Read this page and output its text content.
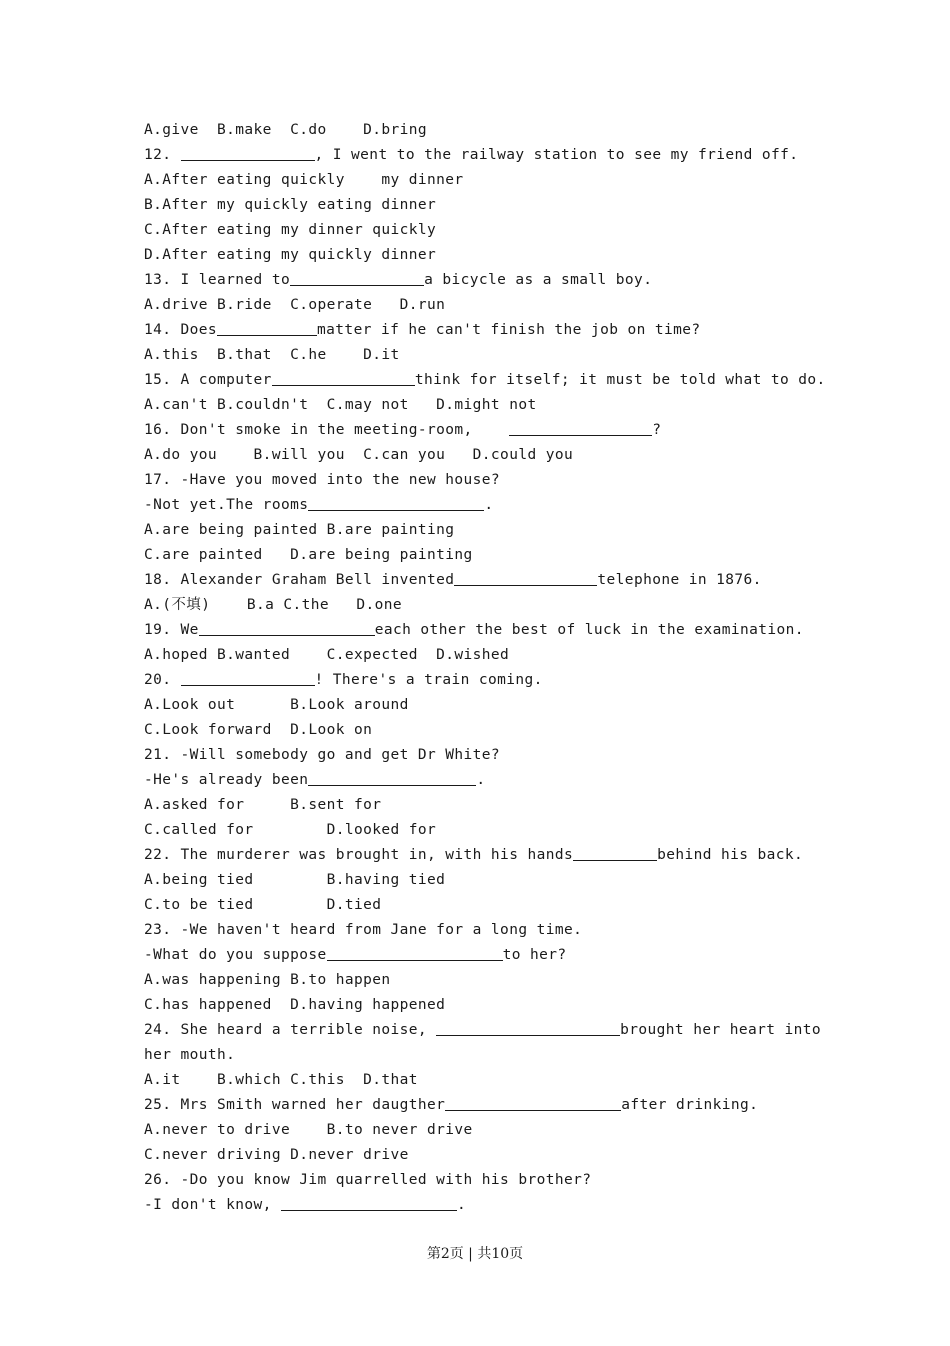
A.give  B.make  C.do    D.bring
12.	, I went to the railway station to see my friend off.
A.After eating quickly    my dinner
B.After my quickly eating dinner
C.After eating my dinner quickly
D.After eating my quickly dinner
13. I learned to	a bicycle as a small boy.
A.drive B.ride  C.operate   D.run
14. Does	matter if he can't finish the job on time?
A.this  B.that  C.he    D.it
15. A computer	think for itself; it must be told what to do.
A.can't B.couldn't  C.may not   D.might not
16. Don't smoke in the meeting-room,	?
A.do you    B.will you  C.can you   D.could you
17. -Have you moved into the new house?
-Not yet.The rooms	.
A.are being painted B.are painting
C.are painted   D.are being painting
18. Alexander Graham Bell invented	telephone in 1876.
A.(不填)    B.a C.the   D.one
19. We	each other the best of luck in the examination.
A.hoped B.wanted    C.expected  D.wished
20.	! There's a train coming.
A.Look out      B.Look around
C.Look forward  D.Look on
21. -Will somebody go and get Dr White?
-He's already been	.
A.asked for     B.sent for
C.called for        D.looked for
22. The murderer was brought in, with his hands	behind his back.
A.being tied        B.having tied
C.to be tied        D.tied
23. -We haven't heard from Jane for a long time.
-What do you suppose	to her?
A.was happening B.to happen
C.has happened  D.having happened
24. She heard a terrible noise,	brought her heart into
her mouth.
A.it    B.which C.this  D.that
25. Mrs Smith warned her daugther	after drinking.
A.never to drive    B.to never drive
C.never driving D.never drive
26. -Do you know Jim quarrelled with his brother?
-I don't know,	.
第2页 | 共10页
